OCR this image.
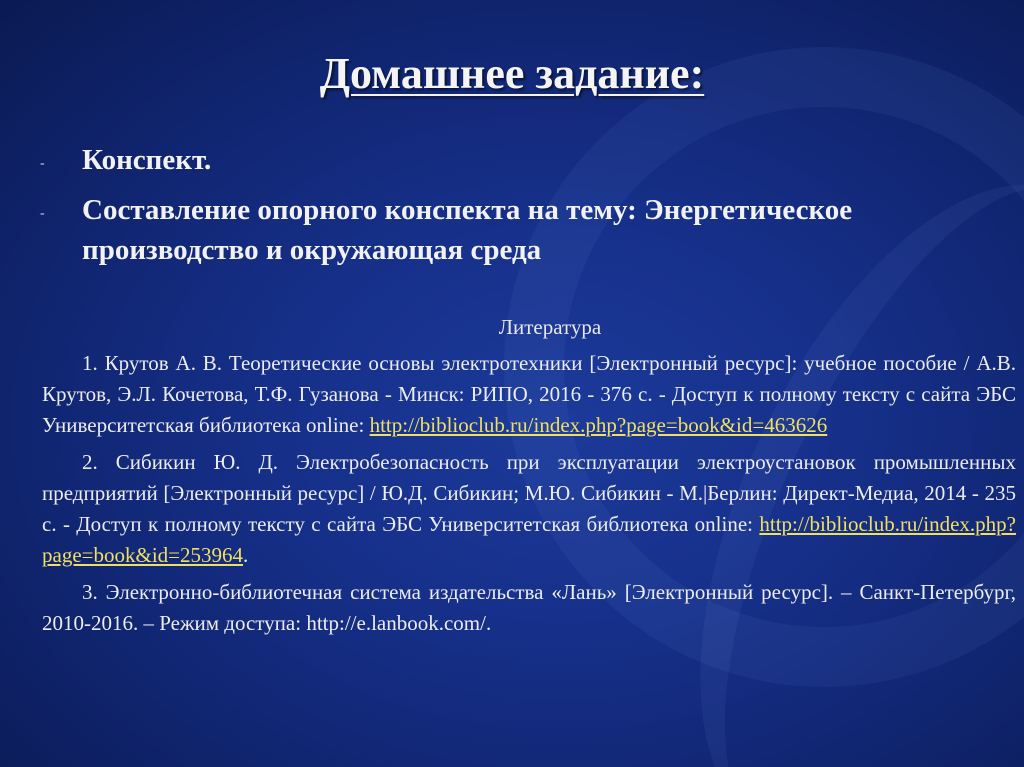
Домашнее задание:
- Конспект.
- Составление опорного конспекта на тему: Энергетическое производство и окружающая среда

Литература

1. Крутов А. В. Теоретические основы электротехники [Электронный ресурс]: учебное пособие / А.В. Крутов, Э.Л. Кочетова, Т.Ф. Гузанова - Минск: РИПО, 2016 - 376 с. - Доступ к полному тексту с сайта ЭБС Университетская библиотека online: http://biblioclub.ru/index.php?page=book&id=463626

2. Сибикин Ю. Д. Электробезопасность при эксплуатации электроустановок промышленных предприятий [Электронный ресурс] / Ю.Д. Сибикин; М.Ю. Сибикин - М.|Берлин: Директ-Медиа, 2014 - 235 с. - Доступ к полному тексту с сайта ЭБС Университетская библиотека online: http://biblioclub.ru/index.php?page=book&id=253964.

3. Электронно-библиотечная система издательства «Лань» [Электронный ресурс]. – Санкт-Петербург, 2010-2016. – Режим доступа: http://e.lanbook.com/.
